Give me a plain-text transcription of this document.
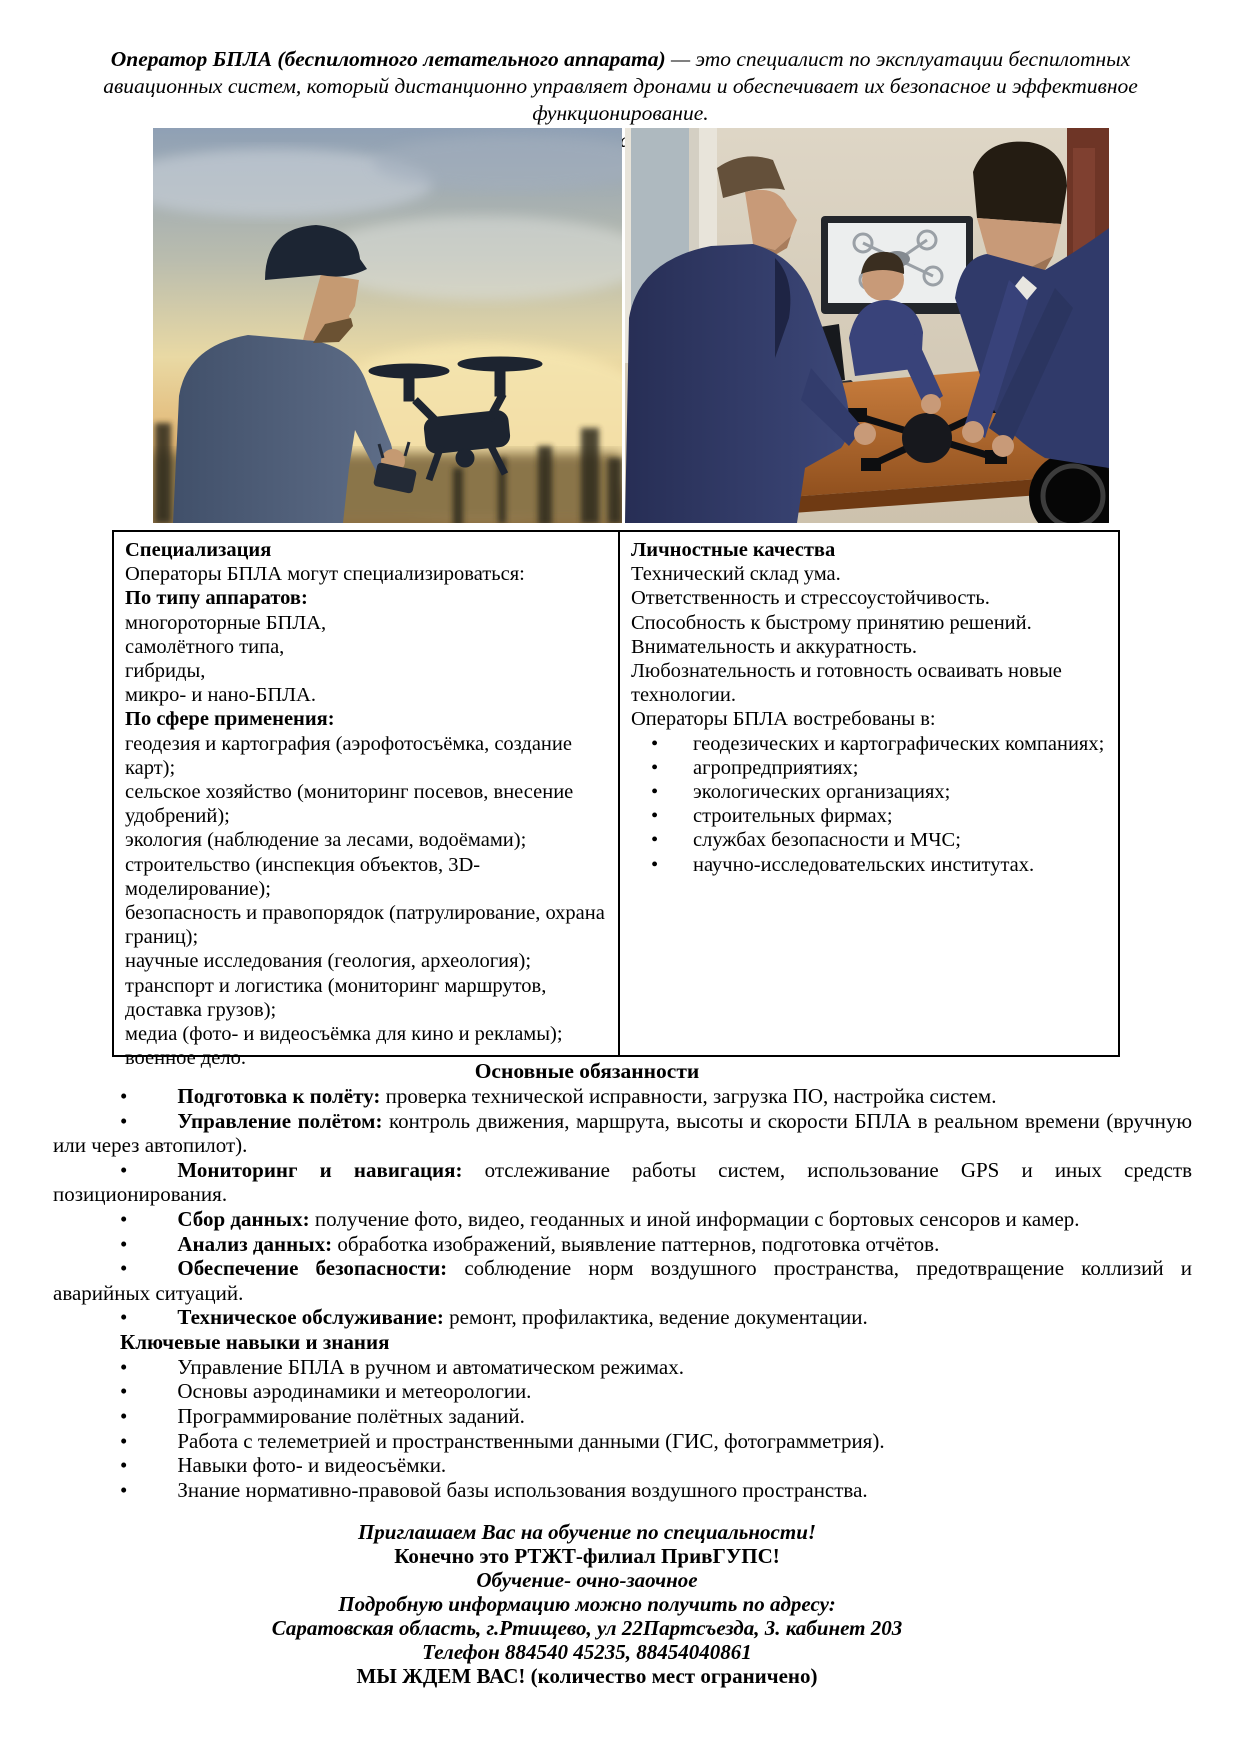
Оператор БПЛА (беспилотного летательного аппарата) — это специалист по эксплуатации беспилотных авиационных систем, который дистанционно управляет дронами и обеспечивает их безопасное и эффективное функционирование.
Специализация
Операторы БПЛА могут специализироваться:
По типу аппаратов:
многороторные БПЛА,
самолётного типа,
гибриды,
микро- и нано-БПЛА.
По сфере применения:
геодезия и картография (аэрофотосъёмка, создание карт);
сельское хозяйство (мониторинг посевов, внесение удобрений);
экология (наблюдение за лесами, водоёмами);
строительство (инспекция объектов, 3D-моделирование);
безопасность и правопорядок (патрулирование, охрана границ);
научные исследования (геология, археология);
транспорт и логистика (мониторинг маршрутов, доставка грузов);
медиа (фото- и видеосъёмка для кино и рекламы);
военное дело.
Личностные качества
Технический склад ума.
Ответственность и стрессоустойчивость.
Способность к быстрому принятию решений.
Внимательность и аккуратность.
Любознательность и готовность осваивать новые технологии.
Операторы БПЛА востребованы в:
• геодезических и картографических компаниях;
• агропредприятиях;
• экологических организациях;
• строительных фирмах;
• службах безопасности и МЧС;
• научно-исследовательских институтах.
Основные обязанности

• Подготовка к полёту: проверка технической исправности, загрузка ПО, настройка систем.

• Управление полётом: контроль движения, маршрута, высоты и скорости БПЛА в реальном времени (вручную или через автопилот).

• Мониторинг и навигация: отслеживание работы систем, использование GPS и иных средств позиционирования.

• Сбор данных: получение фото, видео, геоданных и иной информации с бортовых сенсоров и камер.

• Анализ данных: обработка изображений, выявление паттернов, подготовка отчётов.

• Обеспечение безопасности: соблюдение норм воздушного пространства, предотвращение коллизий и аварийных ситуаций.

• Техническое обслуживание: ремонт, профилактика, ведение документации.

Ключевые навыки и знания

• Управление БПЛА в ручном и автоматическом режимах.

• Основы аэродинамики и метеорологии.

• Программирование полётных заданий.

• Работа с телеметрией и пространственными данными (ГИС, фотограмметрия).

• Навыки фото- и видеосъёмки.

• Знание нормативно-правовой базы использования воздушного пространства.

Приглашаем Вас на обучение по специальности!
Конечно это РТЖТ-филиал ПривГУПС!
Обучение- очно-заочное
Подробную информацию можно получить по адресу:
Саратовская область, г.Ртищево, ул 22Партсъезда, 3. кабинет 203
Телефон 884540 45235, 88454040861
МЫ ЖДЕМ ВАС! (количество мест ограничено)
